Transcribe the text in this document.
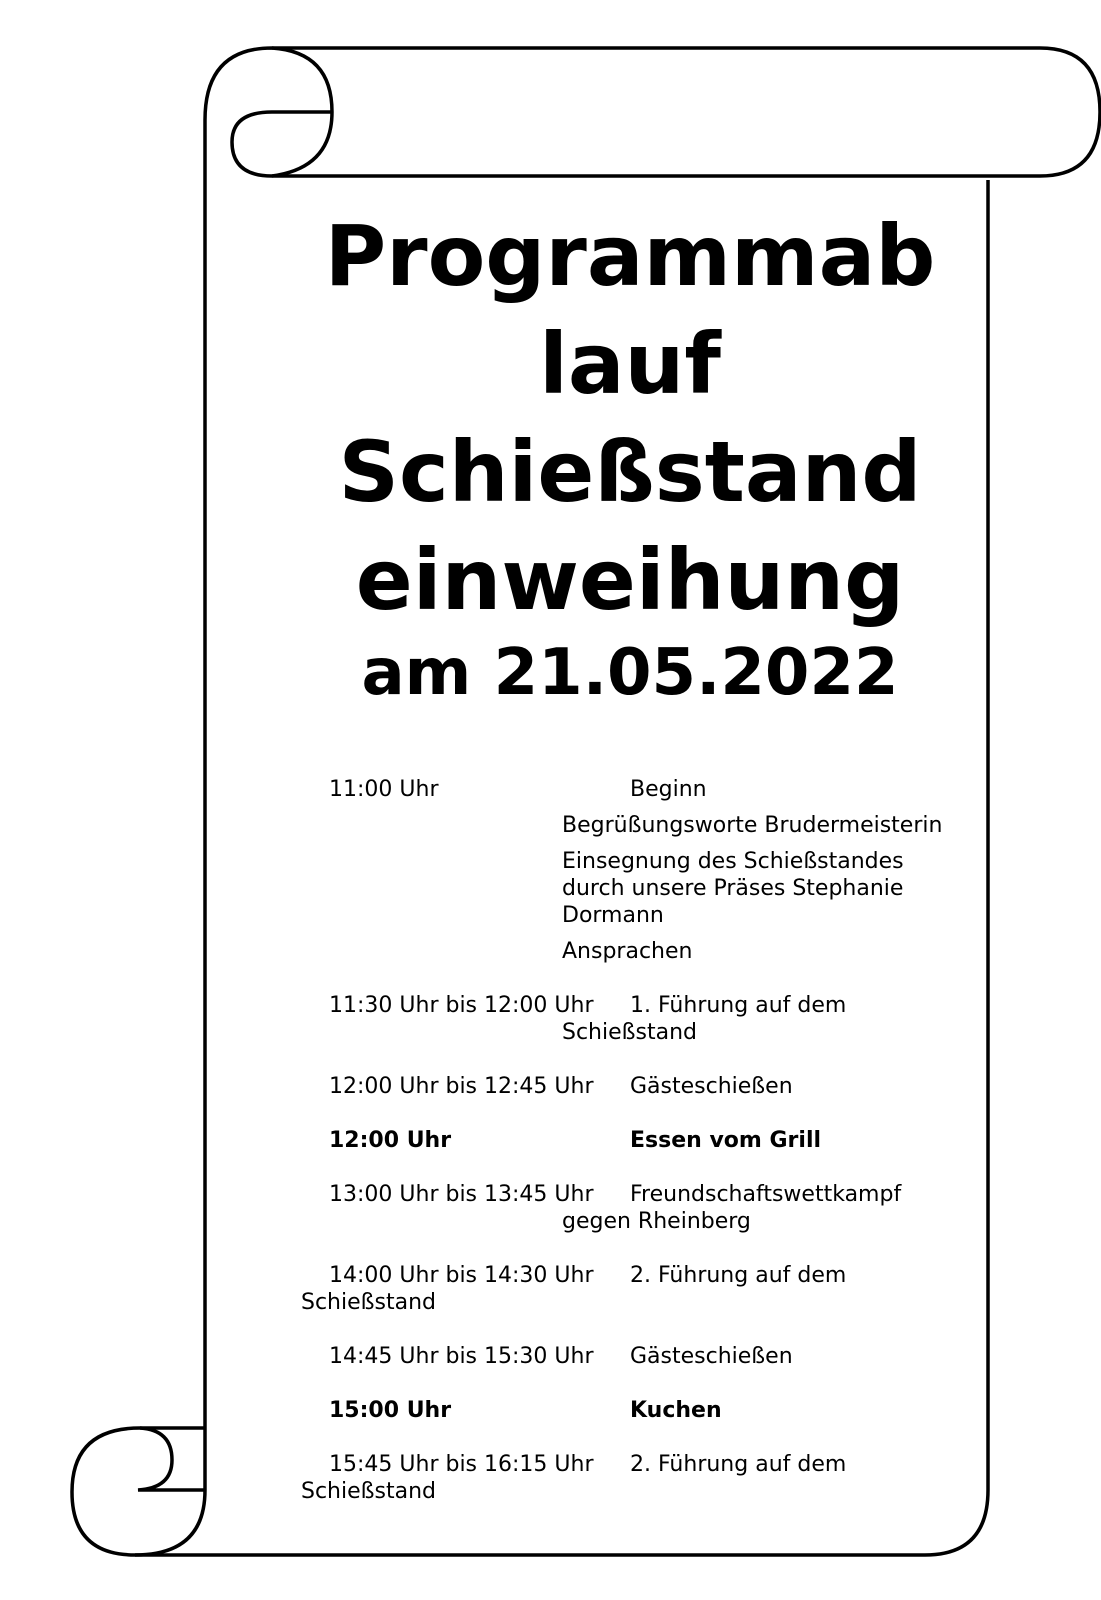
Programmab
lauf
Schießstand
einweihung
am 21.05.2022
11:00 Uhr	Beginn
Begrüßungsworte Brudermeisterin
Einsegnung des Schießstandes
durch unsere Präses Stephanie
Dormann
Ansprachen
11:30 Uhr bis 12:00 Uhr 1. Führung auf dem
Schießstand
12:00 Uhr bis 12:45 Uhr Gästeschießen
12:00 Uhr	Essen vom Grill
13:00 Uhr bis 13:45 Uhr Freundschaftswettkampf
gegen Rheinberg
14:00 Uhr bis 14:30 Uhr 2. Führung auf dem
Schießstand
14:45 Uhr bis 15:30 Uhr Gästeschießen
15:00 Uhr	Kuchen
15:45 Uhr bis 16:15 Uhr 2. Führung auf dem
Schießstand
